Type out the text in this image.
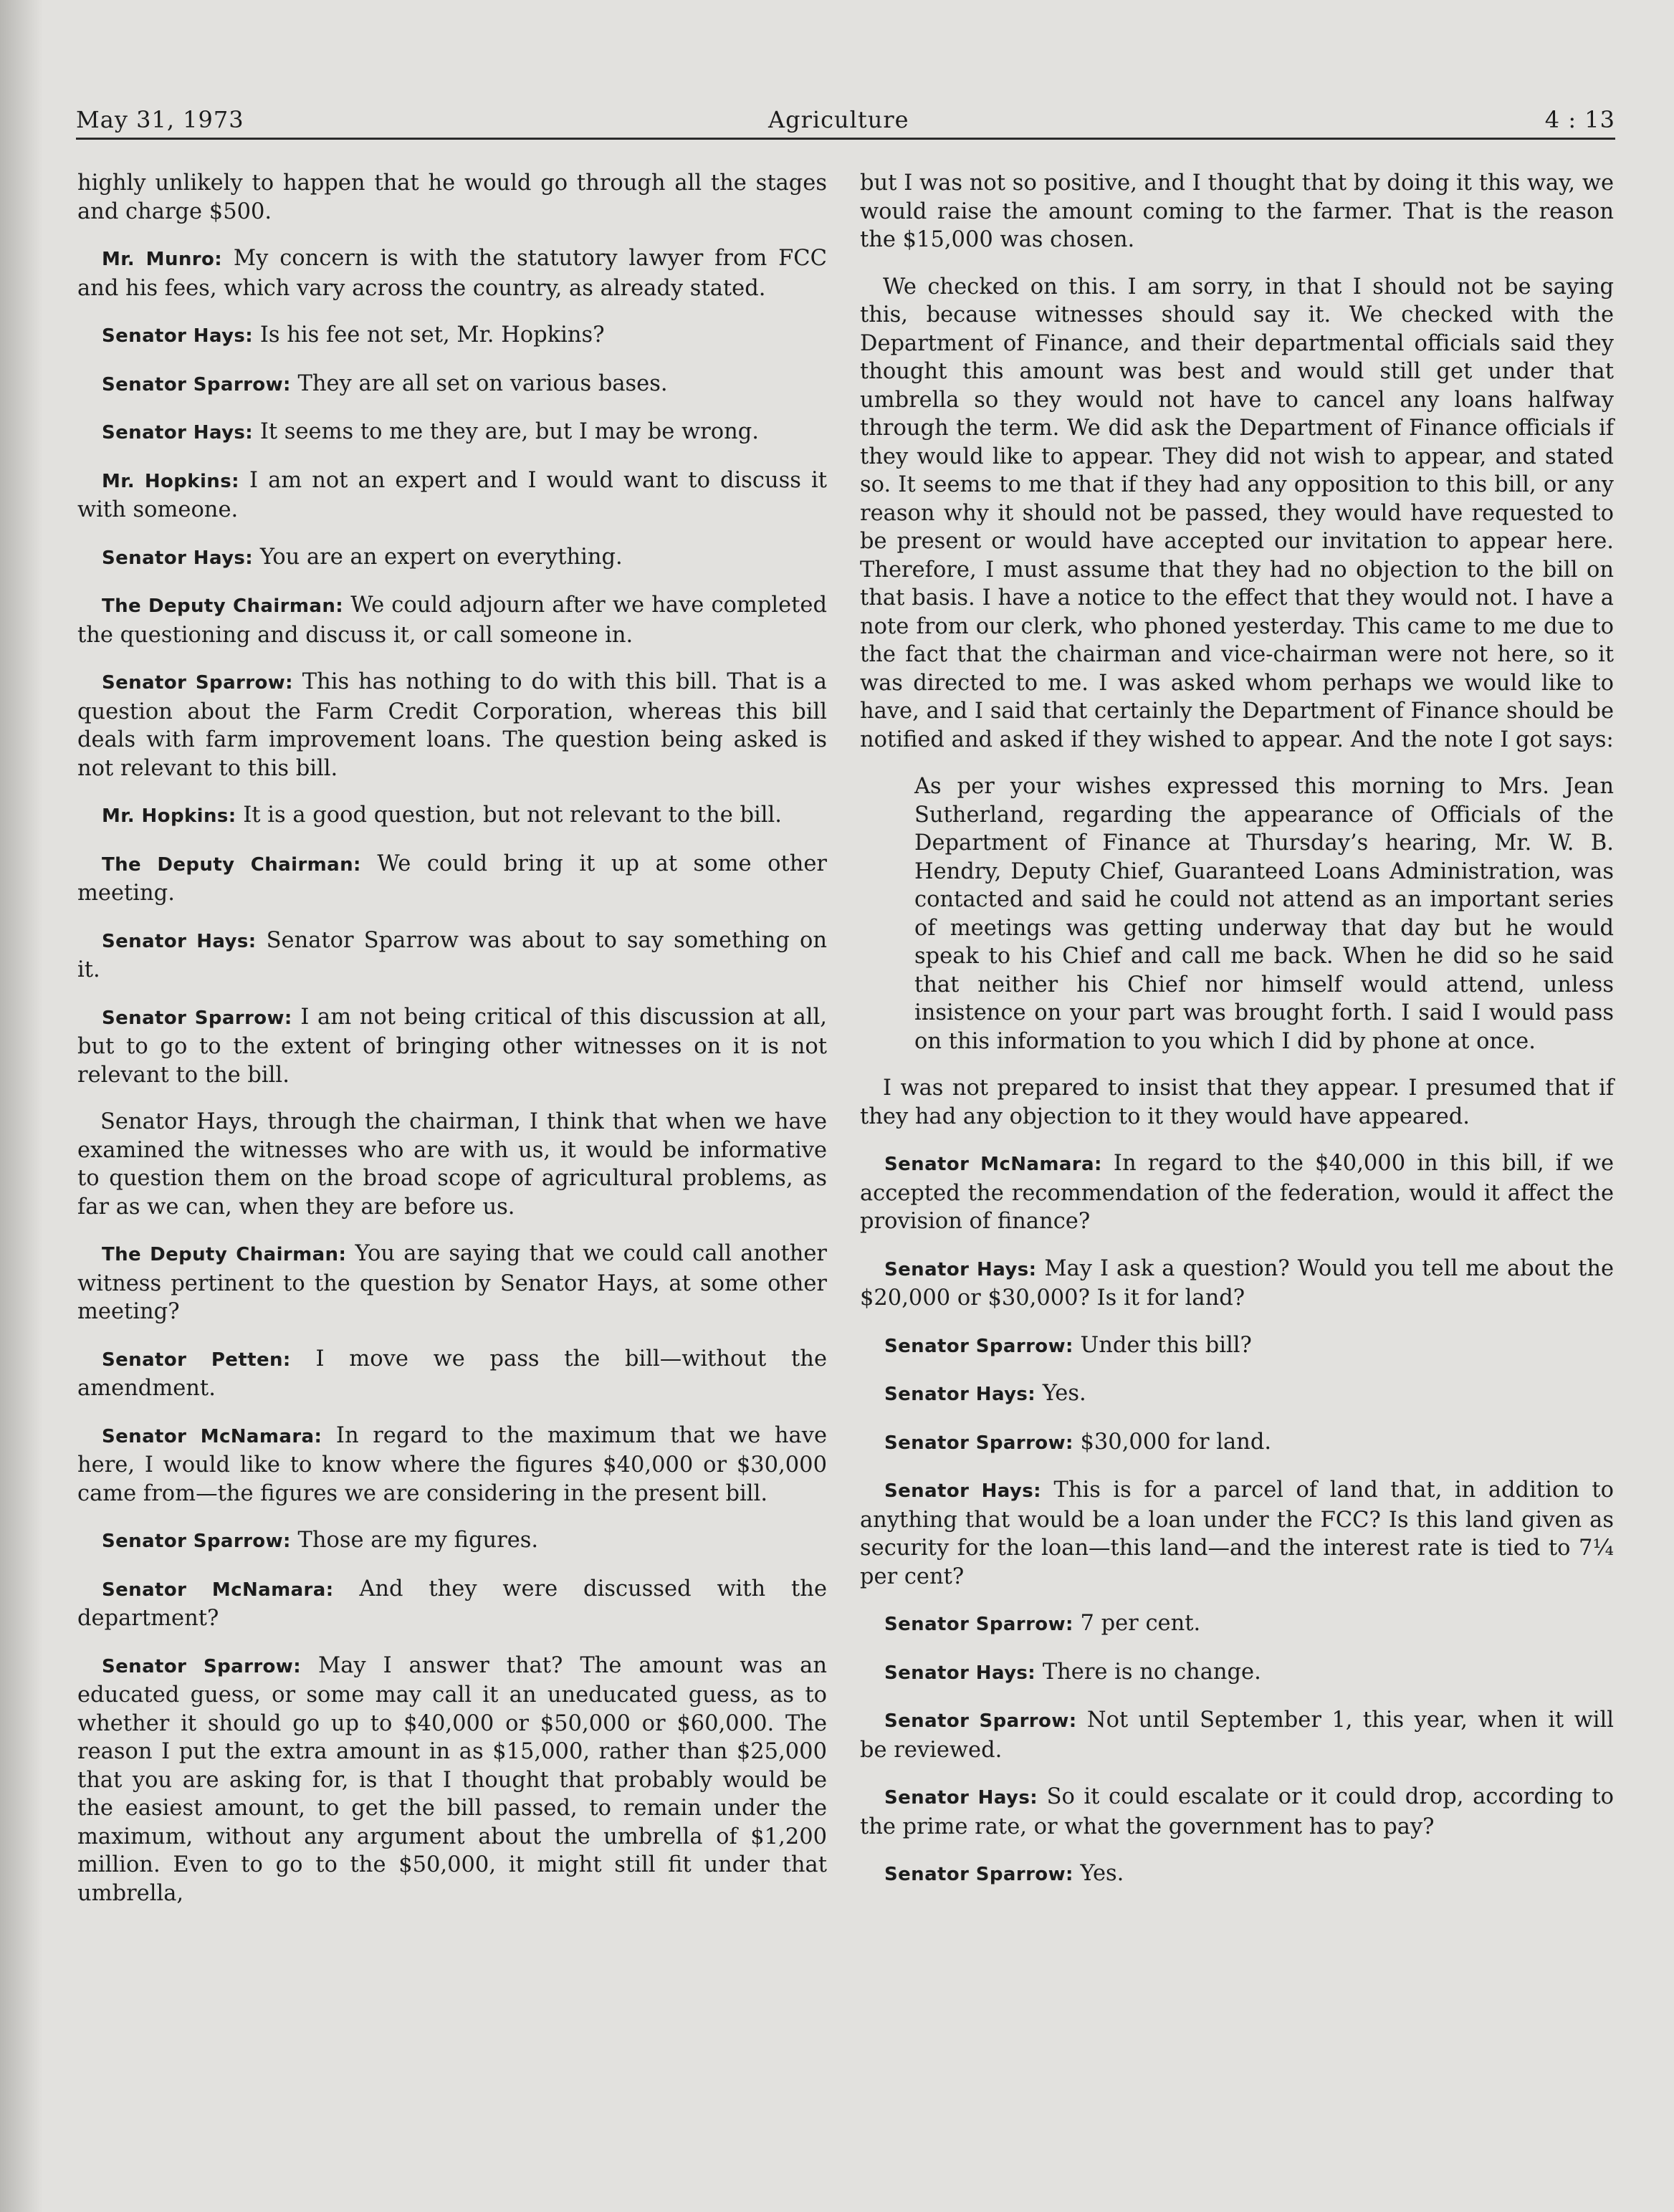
May 31, 1973	Agriculture	4 : 13

highly unlikely to happen that he would go through all the stages and charge $500.

Mr. Munro: My concern is with the statutory lawyer from FCC and his fees, which vary across the country, as already stated.

Senator Hays: Is his fee not set, Mr. Hopkins?

Senator Sparrow: They are all set on various bases.

Senator Hays: It seems to me they are, but I may be wrong.

Mr. Hopkins: I am not an expert and I would want to discuss it with someone.

Senator Hays: You are an expert on everything.

The Deputy Chairman: We could adjourn after we have completed the questioning and discuss it, or call someone in.

Senator Sparrow: This has nothing to do with this bill. That is a question about the Farm Credit Corporation, whereas this bill deals with farm improvement loans. The question being asked is not relevant to this bill.

Mr. Hopkins: It is a good question, but not relevant to the bill.

The Deputy Chairman: We could bring it up at some other meeting.

Senator Hays: Senator Sparrow was about to say something on it.

Senator Sparrow: I am not being critical of this discussion at all, but to go to the extent of bringing other witnesses on it is not relevant to the bill.

Senator Hays, through the chairman, I think that when we have examined the witnesses who are with us, it would be informative to question them on the broad scope of agricultural problems, as far as we can, when they are before us.

The Deputy Chairman: You are saying that we could call another witness pertinent to the question by Senator Hays, at some other meeting?

Senator Petten: I move we pass the bill—without the amendment.

Senator McNamara: In regard to the maximum that we have here, I would like to know where the figures $40,000 or $30,000 came from—the figures we are considering in the present bill.

Senator Sparrow: Those are my figures.

Senator McNamara: And they were discussed with the department?

Senator Sparrow: May I answer that? The amount was an educated guess, or some may call it an uneducated guess, as to whether it should go up to $40,000 or $50,000 or $60,000. The reason I put the extra amount in as $15,000, rather than $25,000 that you are asking for, is that I thought that probably would be the easiest amount, to get the bill passed, to remain under the maximum, without any argument about the umbrella of $1,200 million. Even to go to the $50,000, it might still fit under that umbrella,

but I was not so positive, and I thought that by doing it this way, we would raise the amount coming to the farmer. That is the reason the $15,000 was chosen.

We checked on this. I am sorry, in that I should not be saying this, because witnesses should say it. We checked with the Department of Finance, and their departmental officials said they thought this amount was best and would still get under that umbrella so they would not have to cancel any loans halfway through the term. We did ask the Department of Finance officials if they would like to appear. They did not wish to appear, and stated so. It seems to me that if they had any opposition to this bill, or any reason why it should not be passed, they would have requested to be present or would have accepted our invitation to appear here. Therefore, I must assume that they had no objection to the bill on that basis. I have a notice to the effect that they would not. I have a note from our clerk, who phoned yesterday. This came to me due to the fact that the chairman and vice-chairman were not here, so it was directed to me. I was asked whom perhaps we would like to have, and I said that certainly the Department of Finance should be notified and asked if they wished to appear. And the note I got says:

As per your wishes expressed this morning to Mrs. Jean Sutherland, regarding the appearance of Officials of the Department of Finance at Thursday’s hearing, Mr. W. B. Hendry, Deputy Chief, Guaranteed Loans Administration, was contacted and said he could not attend as an important series of meetings was getting underway that day but he would speak to his Chief and call me back. When he did so he said that neither his Chief nor himself would attend, unless insistence on your part was brought forth. I said I would pass on this information to you which I did by phone at once.

I was not prepared to insist that they appear. I presumed that if they had any objection to it they would have appeared.

Senator McNamara: In regard to the $40,000 in this bill, if we accepted the recommendation of the federation, would it affect the provision of finance?

Senator Hays: May I ask a question? Would you tell me about the $20,000 or $30,000? Is it for land?

Senator Sparrow: Under this bill?

Senator Hays: Yes.

Senator Sparrow: $30,000 for land.

Senator Hays: This is for a parcel of land that, in addition to anything that would be a loan under the FCC? Is this land given as security for the loan—this land—and the interest rate is tied to 7¼ per cent?

Senator Sparrow: 7 per cent.

Senator Hays: There is no change.

Senator Sparrow: Not until September 1, this year, when it will be reviewed.

Senator Hays: So it could escalate or it could drop, according to the prime rate, or what the government has to pay?

Senator Sparrow: Yes.
